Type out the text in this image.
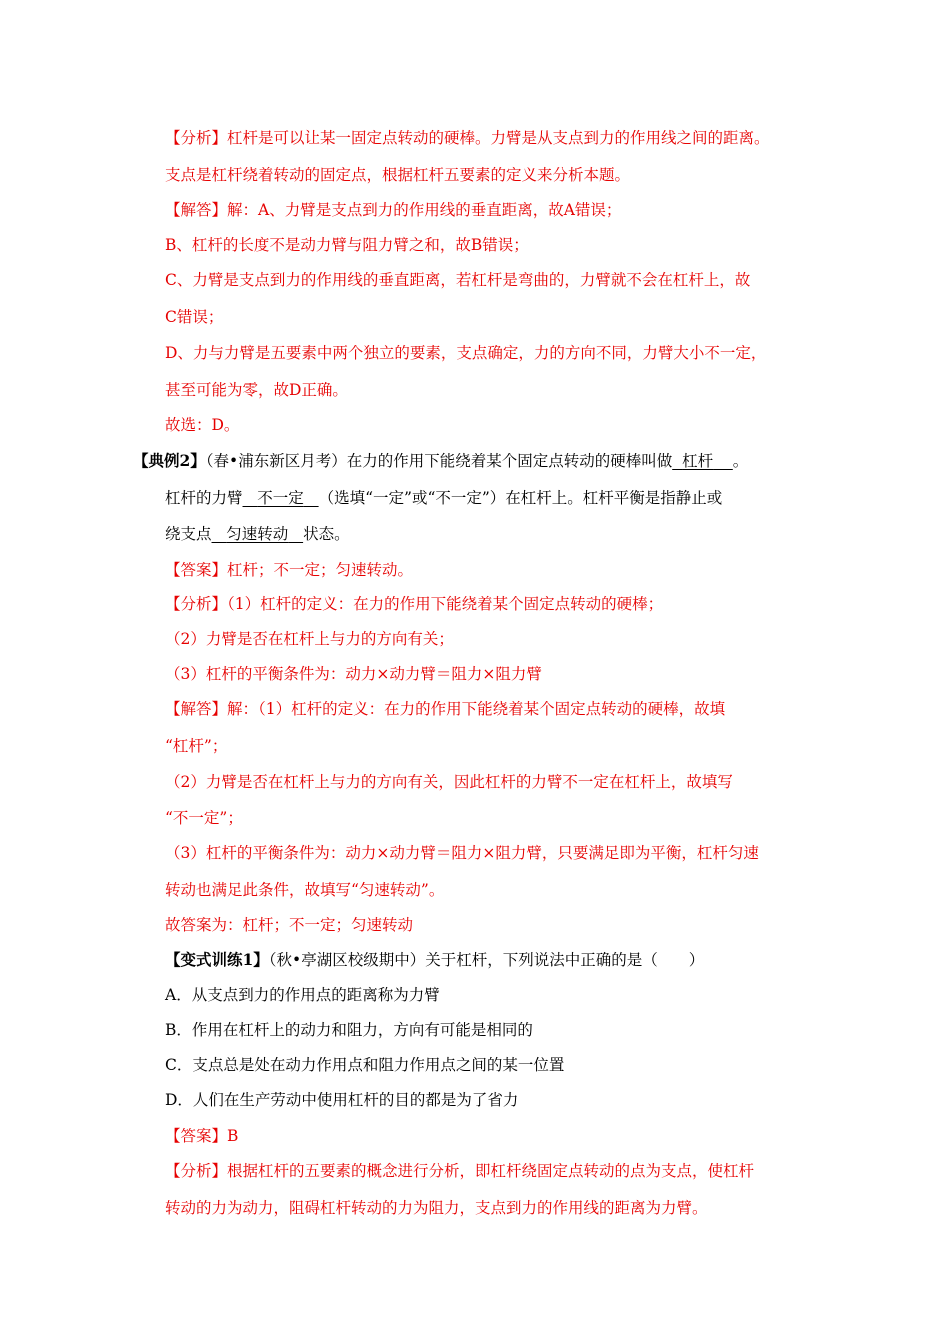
【分析】杠杆是可以让某一固定点转动的硬棒。力臂是从支点到力的作用线之间的距离。
支点是杠杆绕着转动的固定点，根据杠杆五要素的定义来分析本题。
【解答】解：A、力臂是支点到力的作用线的垂直距离，故A错误；
B、杠杆的长度不是动力臂与阻力臂之和，故B错误；
C、力臂是支点到力的作用线的垂直距离，若杠杆是弯曲的，力臂就不会在杠杆上，故
C错误；
D、力与力臂是五要素中两个独立的要素，支点确定，力的方向不同，力臂大小不一定，
甚至可能为零，故D正确。
故选：D。
【典例2】（春•浦东新区月考）在力的作用下能绕着某个固定点转动的硬棒叫做 杠杆 。
杠杆的力臂 不一定 （选填“一定”或“不一定”）在杠杆上。杠杆平衡是指静止或
绕支点 匀速转动 状态。
【答案】杠杆；不一定；匀速转动。
【分析】（1）杠杆的定义：在力的作用下能绕着某个固定点转动的硬棒；
（2）力臂是否在杠杆上与力的方向有关；
（3）杠杆的平衡条件为：动力×动力臂＝阻力×阻力臂
【解答】解：（1）杠杆的定义：在力的作用下能绕着某个固定点转动的硬棒，故填
“杠杆”；
（2）力臂是否在杠杆上与力的方向有关，因此杠杆的力臂不一定在杠杆上，故填写
“不一定”；
（3）杠杆的平衡条件为：动力×动力臂＝阻力×阻力臂，只要满足即为平衡，杠杆匀速
转动也满足此条件，故填写“匀速转动”。
故答案为：杠杆；不一定；匀速转动
【变式训练1】（秋•亭湖区校级期中）关于杠杆，下列说法中正确的是（　　）
A．从支点到力的作用点的距离称为力臂
B．作用在杠杆上的动力和阻力，方向有可能是相同的
C．支点总是处在动力作用点和阻力作用点之间的某一位置
D．人们在生产劳动中使用杠杆的目的都是为了省力
【答案】B
【分析】根据杠杆的五要素的概念进行分析，即杠杆绕固定点转动的点为支点，使杠杆
转动的力为动力，阻碍杠杆转动的力为阻力，支点到力的作用线的距离为力臂。
